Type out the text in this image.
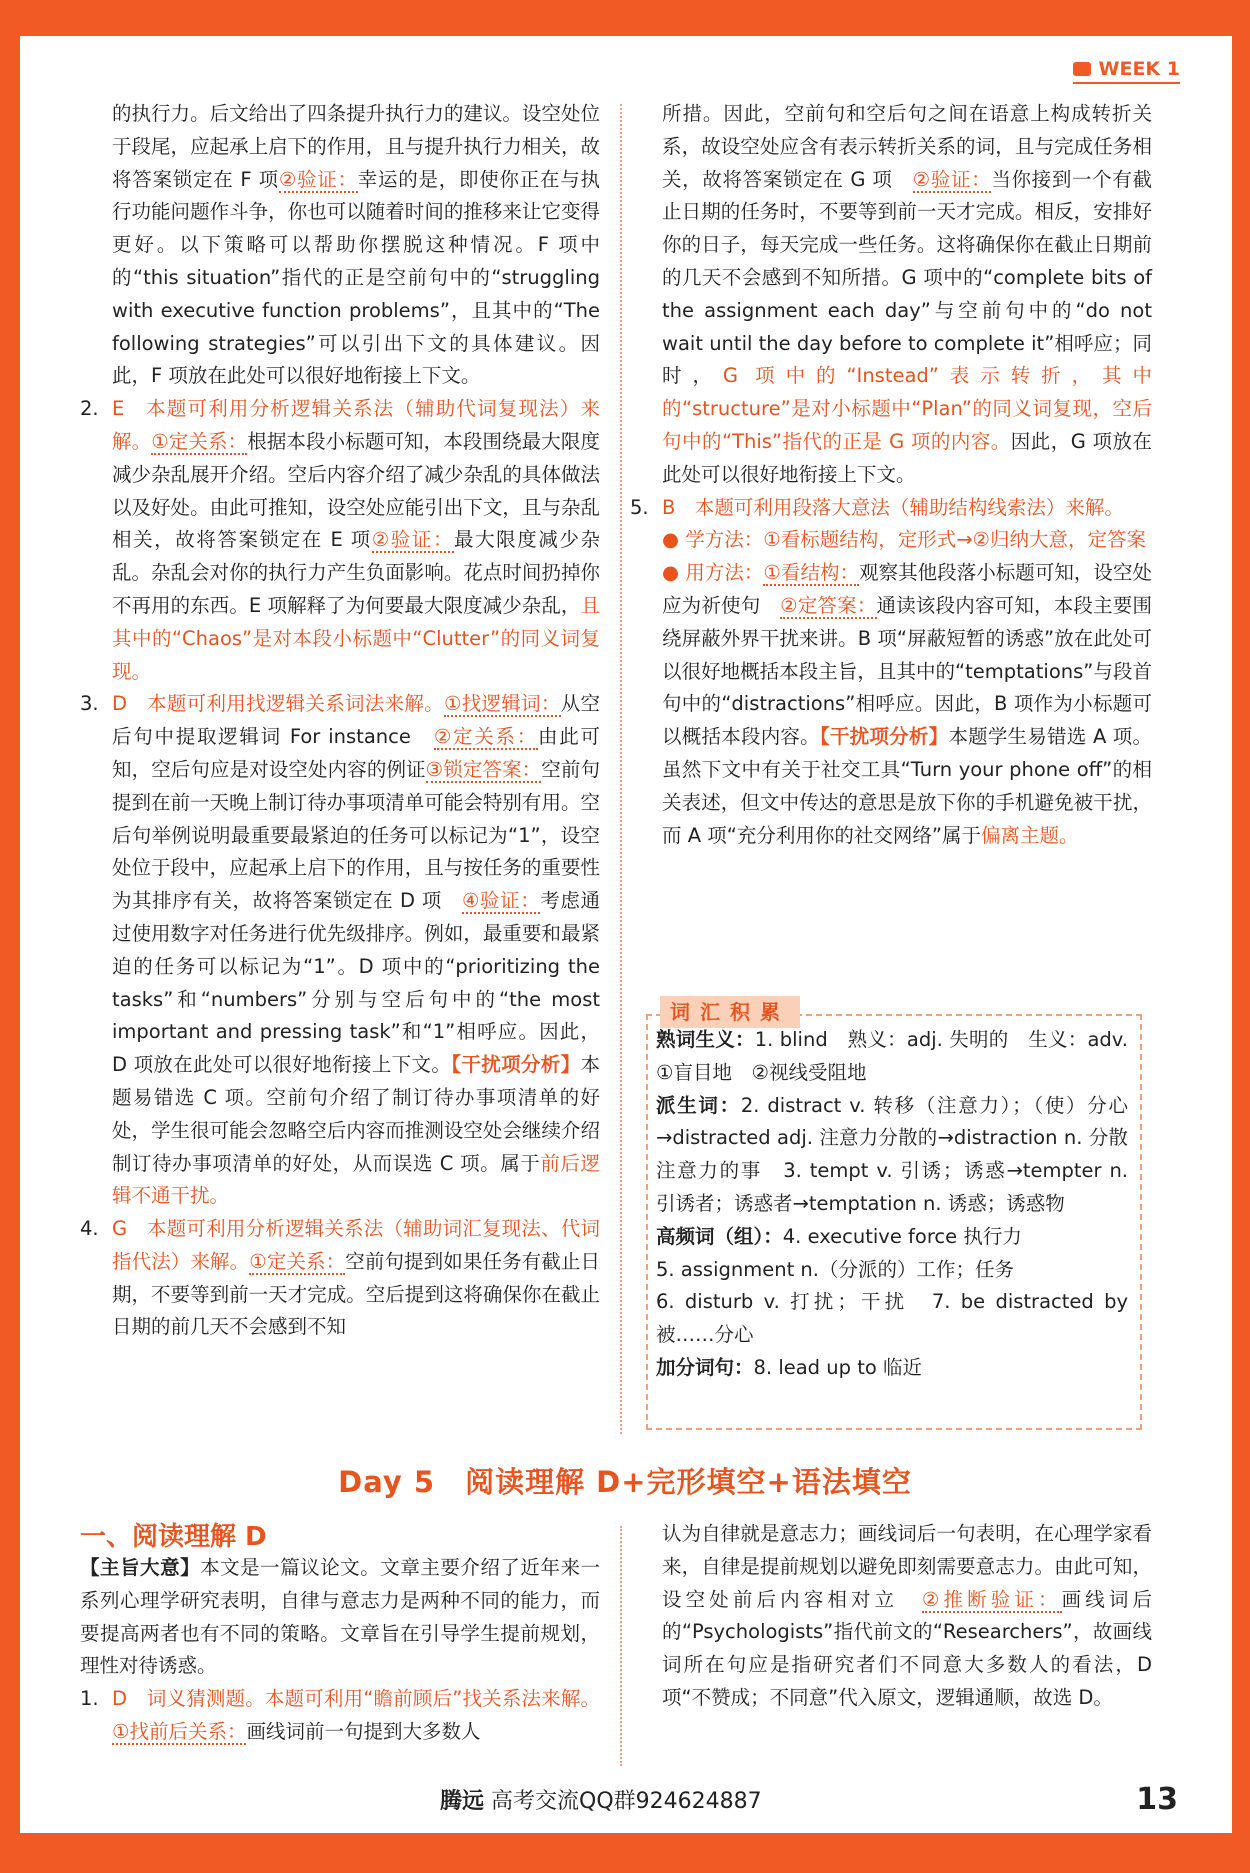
WEEK 1

的执行力。后文给出了四条提升执行力的建议。设空处位于段尾，应起承上启下的作用，且与提升执行力相关，故将答案锁定在 F 项②验证：幸运的是，即使你正在与执行功能问题作斗争，你也可以随着时间的推移来让它变得更好。以下策略可以帮助你摆脱这种情况。F 项中的“this situation”指代的正是空前句中的“struggling with executive function problems”，且其中的“The following strategies”可以引出下文的具体建议。因此，F 项放在此处可以很好地衔接上下文。

2. E　本题可利用分析逻辑关系法（辅助代词复现法）来解。①定关系：根据本段小标题可知，本段围绕最大限度减少杂乱展开介绍。空后内容介绍了减少杂乱的具体做法以及好处。由此可推知，设空处应能引出下文，且与杂乱相关，故将答案锁定在 E 项②验证：最大限度减少杂乱。杂乱会对你的执行力产生负面影响。花点时间扔掉你不再用的东西。E 项解释了为何要最大限度减少杂乱，且其中的“Chaos”是对本段小标题中“Clutter”的同义词复现。
3. D　本题可利用找逻辑关系词法来解。①找逻辑词：从空后句中提取逻辑词 For instance　 ②定关系：由此可知，空后句应是对设空处内容的例证③锁定答案：空前句提到在前一天晚上制订待办事项清单可能会特别有用。空后句举例说明最重要最紧迫的任务可以标记为“1”，设空处位于段中，应起承上启下的作用，且与按任务的重要性为其排序有关，故将答案锁定在 D 项　 ④验证：考虑通过使用数字对任务进行优先级排序。例如，最重要和最紧迫的任务可以标记为“1”。D 项中的“prioritizing the tasks”和“numbers”分别与空后句中的“the most important and pressing task”和“1”相呼应。因此，D 项放在此处可以很好地衔接上下文。【干扰项分析】本题易错选 C 项。空前句介绍了制订待办事项清单的好处，学生很可能会忽略空后内容而推测设空处会继续介绍制订待办事项清单的好处，从而误选 C 项。属于前后逻辑不通干扰。
4. G　本题可利用分析逻辑关系法（辅助词汇复现法、代词指代法）来解。①定关系：空前句提到如果任务有截止日期，不要等到前一天才完成。空后提到这将确保你在截止日期的前几天不会感到不知

所措。因此，空前句和空后句之间在语意上构成转折关系，故设空处应含有表示转折关系的词，且与完成任务相关，故将答案锁定在 G 项　 ②验证：当你接到一个有截止日期的任务时，不要等到前一天才完成。相反，安排好你的日子，每天完成一些任务。这将确保你在截止日期前的几天不会感到不知所措。G 项中的“complete bits of the assignment each day”与空前句中的“do not wait until the day before to complete it”相呼应；同时，G 项中的“Instead”表示转折，其中的“structure”是对小标题中“Plan”的同义词复现，空后句中的“This”指代的正是 G 项的内容。因此，G 项放在此处可以很好地衔接上下文。

5. B　本题可利用段落大意法（辅助结构线索法）来解。
● 学方法：①看标题结构，定形式→②归纳大意，定答案
● 用方法：①看结构：观察其他段落小标题可知，设空处应为祈使句　 ②定答案：通读该段内容可知，本段主要围绕屏蔽外界干扰来讲。B 项“屏蔽短暂的诱惑”放在此处可以很好地概括本段主旨，且其中的“temptations”与段首句中的“distractions”相呼应。因此，B 项作为小标题可以概括本段内容。【干扰项分析】本题学生易错选 A 项。虽然下文中有关于社交工具“Turn your phone off”的相关表述，但文中传达的意思是放下你的手机避免被干扰，而 A 项“充分利用你的社交网络”属于偏离主题。
词汇积累
熟词生义：1. blind　熟义：adj. 失明的　生义：adv. ①盲目地　②视线受阻地
派生词：2. distract v. 转移（注意力）；（使）分心→distracted adj. 注意力分散的→distraction n. 分散注意力的事　3. tempt v. 引诱；诱惑→tempter n. 引诱者；诱惑者→temptation n. 诱惑；诱惑物
高频词（组）：4. executive force 执行力
5. assignment n.（分派的）工作；任务
6. disturb v. 打扰；干扰　7. be distracted by 被……分心
加分词句：8. lead up to 临近
Day 5　阅读理解 D+完形填空+语法填空
一、阅读理解 D

【主旨大意】本文是一篇议论文。文章主要介绍了近年来一系列心理学研究表明，自律与意志力是两种不同的能力，而要提高两者也有不同的策略。文章旨在引导学生提前规划，理性对待诱惑。

1. D　词义猜测题。本题可利用“瞻前顾后”找关系法来解。①找前后关系：画线词前一句提到大多数人
认为自律就是意志力；画线词后一句表明，在心理学家看来，自律是提前规划以避免即刻需要意志力。由此可知，设空处前后内容相对立　 ②推断验证：画线词后的“Psychologists”指代前文的“Researchers”，故画线词所在句应是指研究者们不同意大多数人的看法，D 项“不赞成；不同意”代入原文，逻辑通顺，故选 D。
腾远 高考交流QQ群924624887	13
